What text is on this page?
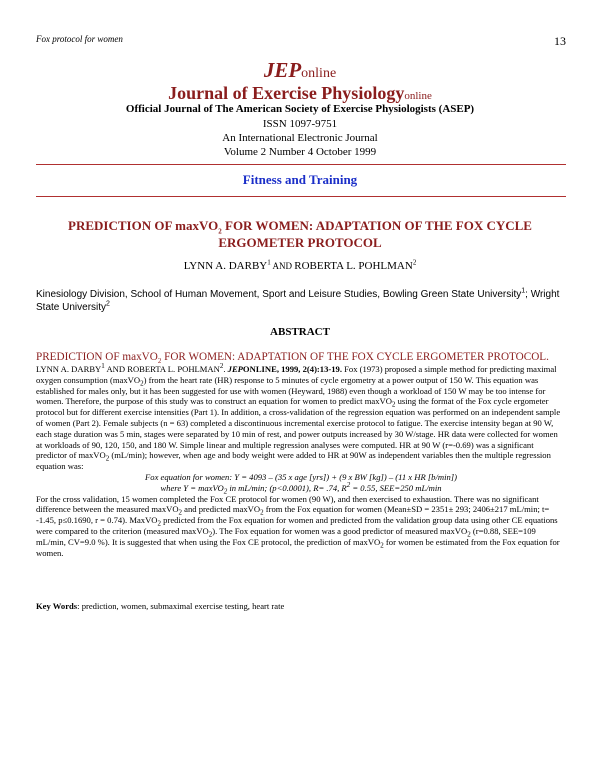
Fox protocol for women	13
JEPonline
Journal of Exercise Physiologyonline
Official Journal of The American Society of Exercise Physiologists (ASEP)
ISSN 1097-9751
An International Electronic Journal
Volume 2 Number 4 October 1999
Fitness and Training
PREDICTION OF maxVO$_2$ FOR WOMEN: ADAPTATION OF THE FOX CYCLE
ERGOMETER PROTOCOL
LYNN A. DARBY$^1$ AND ROBERTA L. POHLMAN$^2$
Kinesiology Division, School of Human Movement, Sport and Leisure Studies, Bowling Green State University$^1$; Wright State University$^2$
ABSTRACT
PREDICTION OF maxVO$_2$ FOR WOMEN: ADAPTATION OF THE FOX CYCLE ERGOMETER PROTOCOL. LYNN A. DARBY$^1$ AND ROBERTA L. POHLMAN$^2$. JEPONLINE, 1999, 2(4):13-19. Fox (1973) proposed a simple method for predicting maximal oxygen consumption (maxVO$_2$) from the heart rate (HR) response to 5 minutes of cycle ergometry at a power output of 150 W. This equation was established for males only, but it has been suggested for use with women (Heyward, 1988) even though a workload of 150 W may be too intense for women. Therefore, the purpose of this study was to construct an equation for women to predict maxVO$_2$ using the format of the Fox cycle ergometer protocol but for different exercise intensities (Part 1). In addition, a cross-validation of the regression equation was performed on an independent sample of women (Part 2). Female subjects (n = 63) completed a discontinuous incremental exercise protocol to fatigue. The exercise intensity began at 90 W, each stage duration was 5 min, stages were separated by 10 min of rest, and power outputs increased by 30 W/stage. HR data were collected for women at workloads of 90, 120, 150, and 180 W. Simple linear and multiple regression analyses were computed. HR at 90 W (r=-0.69) was a significant predictor of maxVO$_2$ (mL/min); however, when age and body weight were added to HR at 90W as independent variables then the multiple regression equation was:
Fox equation for women: Y = 4093 – (35 x age [yrs]) + (9 x BW [kg]) – (11 x HR [b/min])
where Y = maxVO$_2$ in mL/min; (p<0.0001), R= .74, $R^2 = 0.55$, SEE=250 mL/min
For the cross validation, 15 women completed the Fox CE protocol for women (90 W), and then exercised to exhaustion. There was no significant difference between the measured maxVO$_2$ and predicted maxVO$_2$ from the Fox equation for women (Mean±SD = 2351± 293; 2406±217 mL/min; t= -1.45, p≤0.1690, r = 0.74). MaxVO$_2$ predicted from the Fox equation for women and predicted from the validation group data using other CE equations were compared to the criterion (measured maxVO$_2$). The Fox equation for women was a good predictor of measured maxVO$_2$ (r=0.88, SEE=109 mL/min, CV=9.0 %). It is suggested that when using the Fox CE protocol, the prediction of maxVO$_2$ for women be estimated from the Fox equation for women.
Key Words: prediction, women, submaximal exercise testing, heart rate
